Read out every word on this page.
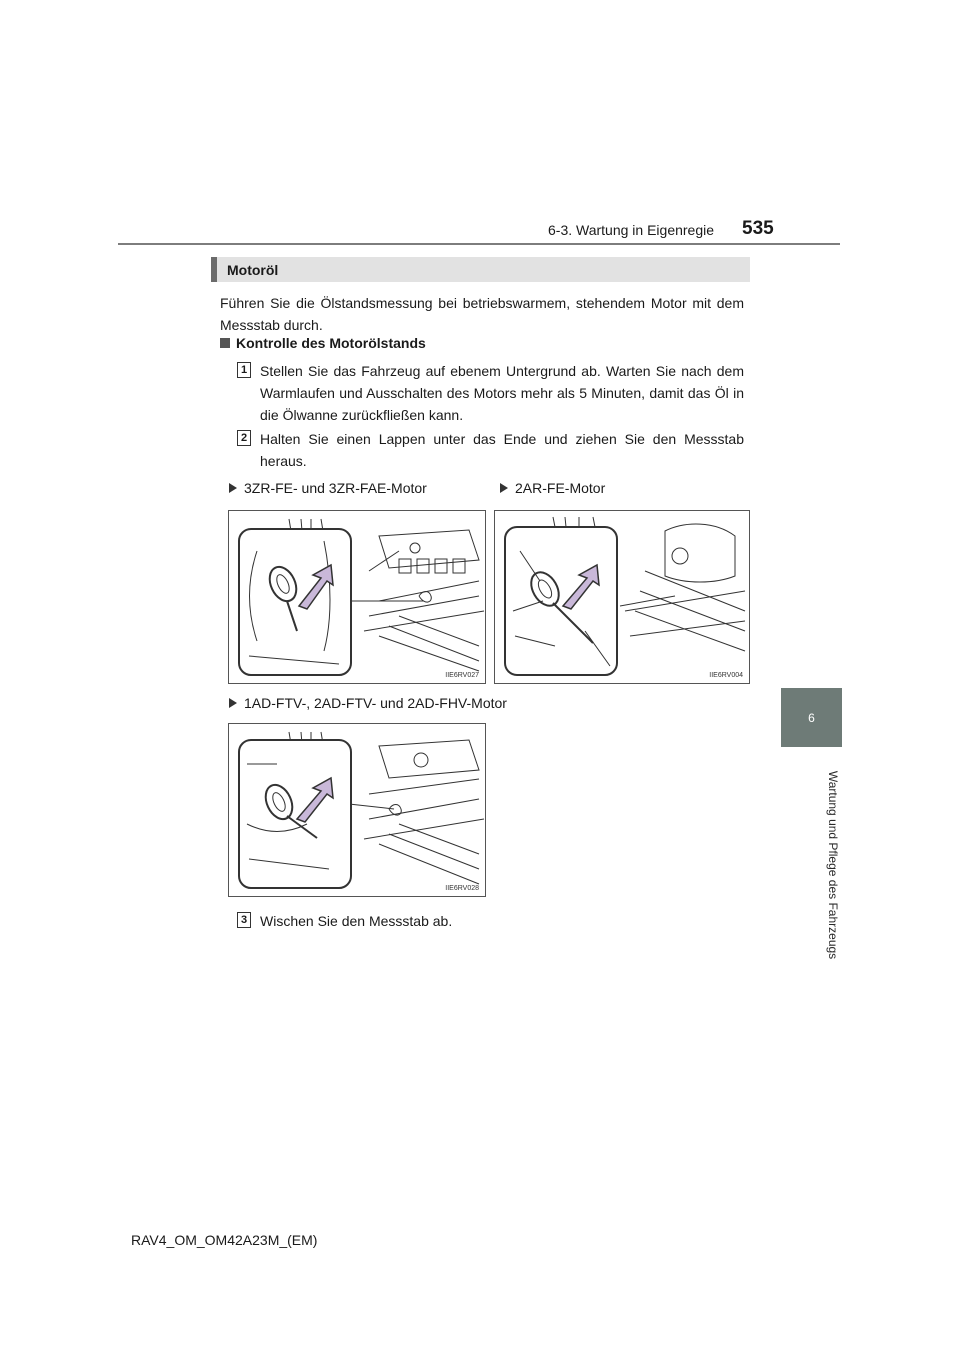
6-3. Wartung in Eigenregie 535
6
Wartung und Pflege des Fahrzeugs
Motoröl
Führen Sie die Ölstandsmessung bei betriebswarmem, stehendem Motor mit dem Messstab durch.
Kontrolle des Motorölstands
1 Stellen Sie das Fahrzeug auf ebenem Untergrund ab. Warten Sie nach dem Warmlaufen und Ausschalten des Motors mehr als 5 Minuten, damit das Öl in die Ölwanne zurückfließen kann.
2 Halten Sie einen Lappen unter das Ende und ziehen Sie den Messstab heraus.
3ZR-FE- und 3ZR-FAE-Motor	2AR-FE-Motor
IIE6RV027	IIE6RV004
1AD-FTV-, 2AD-FTV- und 2AD-FHV-Motor
IIE6RV028
3 Wischen Sie den Messstab ab.
RAV4_OM_OM42A23M_(EM)
